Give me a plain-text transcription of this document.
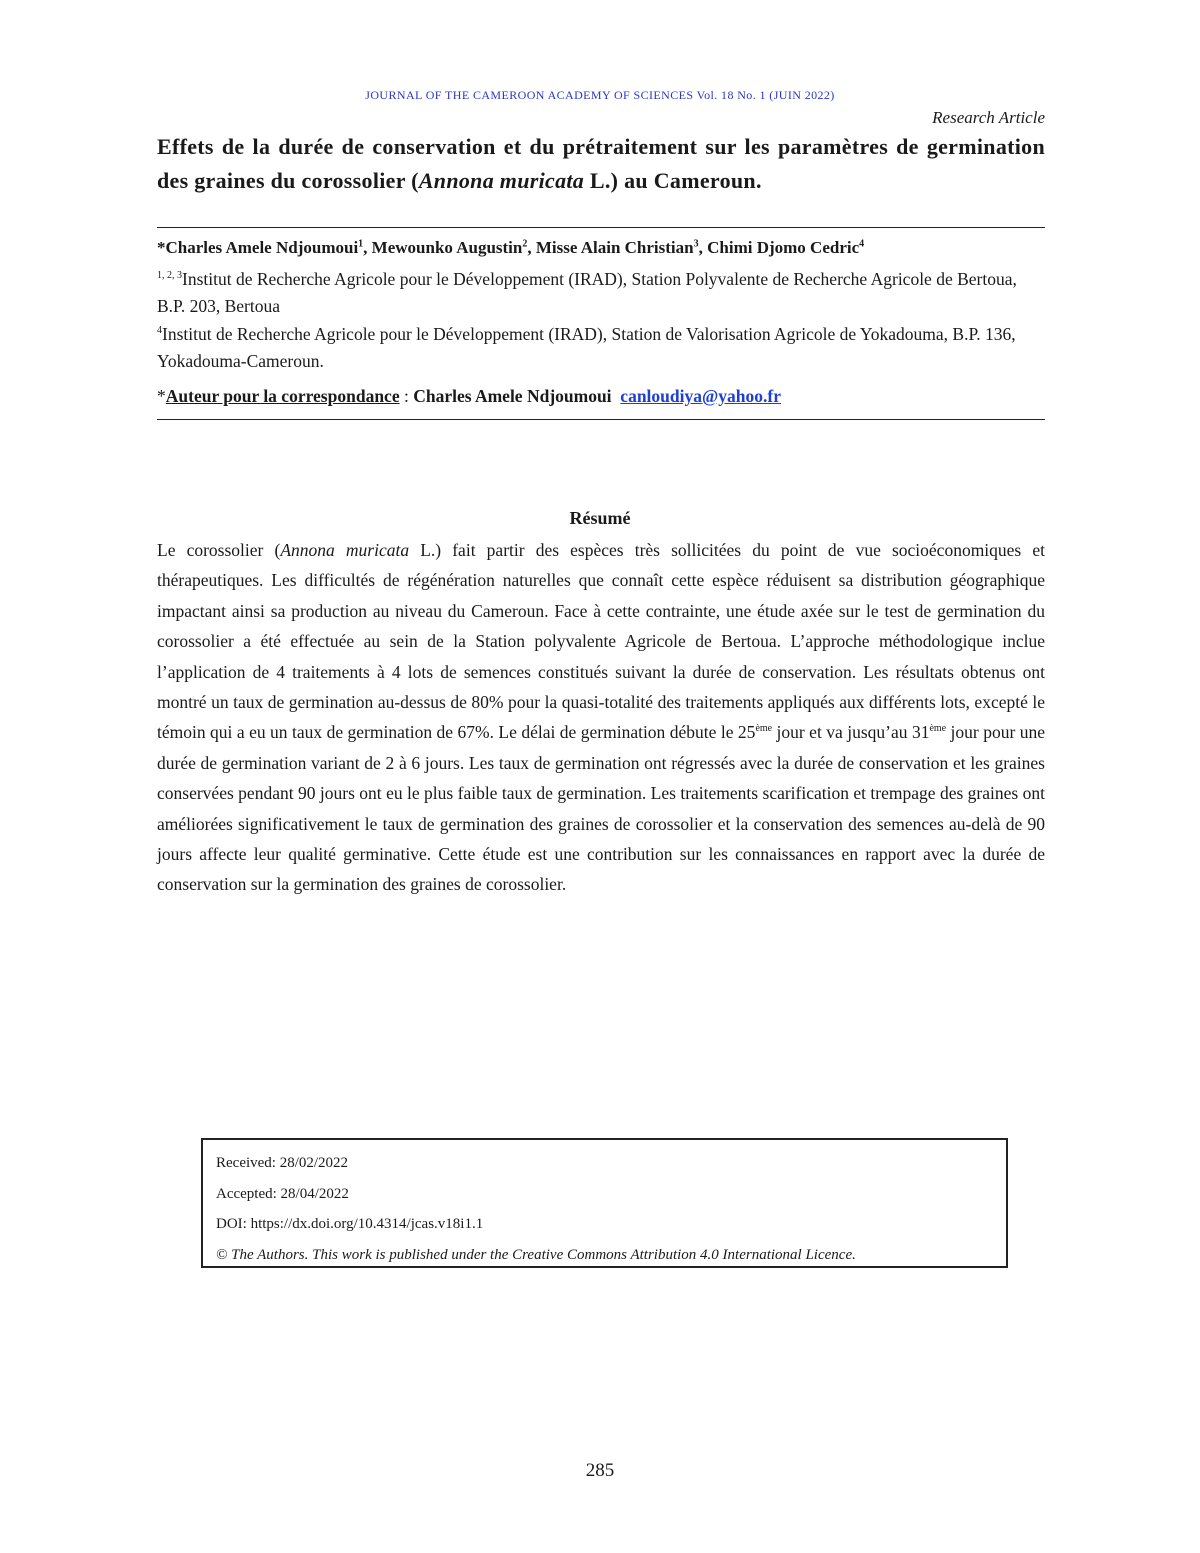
JOURNAL OF THE CAMEROON ACADEMY OF SCIENCES Vol. 18 No. 1 (JUIN 2022)
Research Article
Effets de la durée de conservation et du prétraitement sur les paramètres de germination des graines du corossolier (Annona muricata L.) au Cameroun.
*Charles Amele Ndjoumoui$^1$, Mewounko Augustin$^2$, Misse Alain Christian$^3$, Chimi Djomo Cedric$^4$

$^{1, 2, 3}$Institut de Recherche Agricole pour le Développement (IRAD), Station Polyvalente de Recherche Agricole de Bertoua, B.P. 203, Bertoua

$^4$Institut de Recherche Agricole pour le Développement (IRAD), Station de Valorisation Agricole de Yokadouma, B.P. 136, Yokadouma-Cameroun.

*Auteur pour la correspondance : Charles Amele Ndjoumoui canloudiya@yahoo.fr
Résumé

Le corossolier (Annona muricata L.) fait partir des espèces très sollicitées du point de vue socioéconomiques et thérapeutiques. Les difficultés de régénération naturelles que connaît cette espèce réduisent sa distribution géographique impactant ainsi sa production au niveau du Cameroun. Face à cette contrainte, une étude axée sur le test de germination du corossolier a été effectuée au sein de la Station polyvalente Agricole de Bertoua. L’approche méthodologique inclue l’application de 4 traitements à 4 lots de semences constitués suivant la durée de conservation. Les résultats obtenus ont montré un taux de germination au-dessus de 80% pour la quasi-totalité des traitements appliqués aux différents lots, excepté le témoin qui a eu un taux de germination de 67%. Le délai de germination débute le 25ème jour et va jusqu’au 31ème jour pour une durée de germination variant de 2 à 6 jours. Les taux de germination ont régressés avec la durée de conservation et les graines conservées pendant 90 jours ont eu le plus faible taux de germination. Les traitements scarification et trempage des graines ont améliorées significativement le taux de germination des graines de corossolier et la conservation des semences au-delà de 90 jours affecte leur qualité germinative. Cette étude est une contribution sur les connaissances en rapport avec la durée de conservation sur la germination des graines de corossolier.

Received: 28/02/2022
Accepted: 28/04/2022
DOI: https://dx.doi.org/10.4314/jcas.v18i1.1
© The Authors. This work is published under the Creative Commons Attribution 4.0 International Licence.
285
